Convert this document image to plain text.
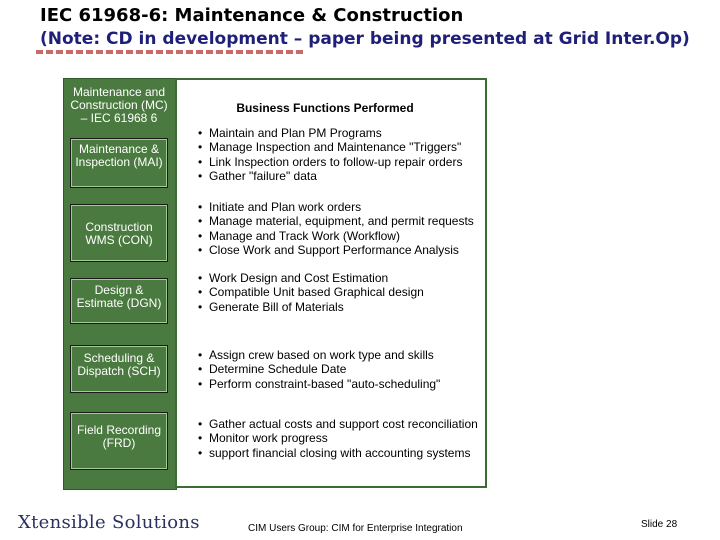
IEC 61968-6: Maintenance & Construction
(Note: CD in development – paper being presented at Grid Inter.Op)
Maintenance and Construction (MC) – IEC 61968 6
Maintenance & Inspection (MAI)
Construction WMS (CON)
Design & Estimate (DGN)
Scheduling & Dispatch (SCH)
Field Recording (FRD)
Business Functions Performed
• Maintain and Plan PM Programs
• Manage Inspection and Maintenance "Triggers"
• Link Inspection orders to follow-up repair orders
• Gather "failure" data
• Initiate and Plan work orders
• Manage material, equipment, and permit requests
• Manage and Track Work (Workflow)
• Close Work and Support Performance Analysis
• Work Design and Cost Estimation
• Compatible Unit based Graphical design
• Generate Bill of Materials
• Assign crew based on work type and skills
• Determine Schedule Date
• Perform constraint-based "auto-scheduling"
• Gather actual costs and support cost reconciliation
• Monitor work progress
• support financial closing with accounting systems
Xtensible Solutions	CIM Users Group: CIM for Enterprise Integration	Slide 28
